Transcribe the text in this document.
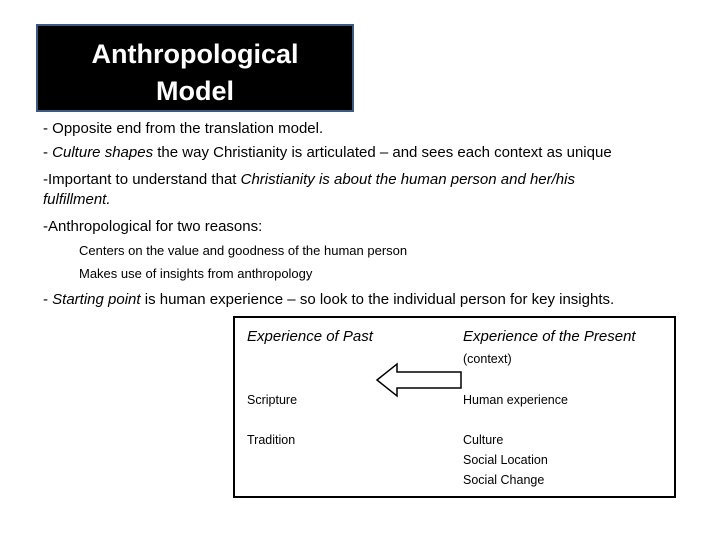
Anthropological
Model
- Opposite end from the translation model.
- Culture shapes the way Christianity is articulated – and sees each context as unique
-Important to understand that Christianity is about the human person and her/his
fulfillment.
-Anthropological for two reasons:
Centers on the value and goodness of the human person
Makes use of insights from anthropology
- Starting point is human experience – so look to the individual person for key insights.
Experience of Past	Experience of the Present
(context)
Scripture
Tradition
Human experience
Culture
Social Location
Social Change
